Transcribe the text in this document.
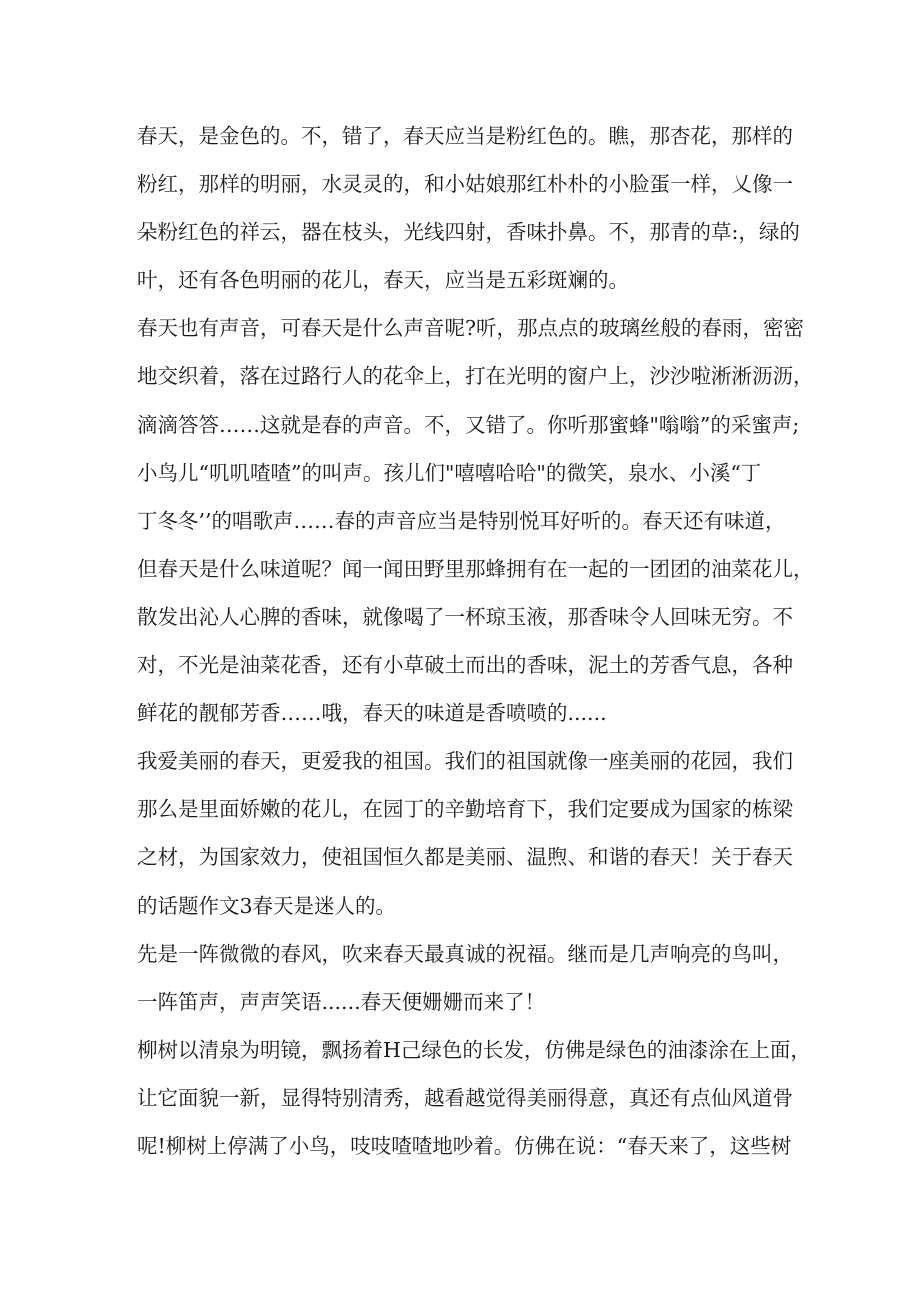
春天，是金色的。不，错了，春天应当是粉红色的。瞧，那杏花，那样的
粉红，那样的明丽，水灵灵的，和小姑娘那红朴朴的小脸蛋一样，乂像一
朵粉红色的祥云，器在枝头，光线四射，香味扑鼻。不，那青的草:，绿的
叶，还有各色明丽的花儿，春天，应当是五彩斑斓的。
春天也有声音，可春天是什么声音呢?听，那点点的玻璃丝般的春雨，密密
地交织着，落在过路行人的花伞上，打在光明的窗户上，沙沙啦淅淅沥沥，
滴滴答答……这就是春的声音。不，又错了。你听那蜜蜂"嗡嗡”的采蜜声;
小鸟儿“叽叽喳喳”的叫声。孩儿们"嘻嘻哈哈"的微笑，泉水、小溪“丁
丁冬冬’’的唱歌声……春的声音应当是特别悦耳好听的。春天还有味道，
但春天是什么味道呢？闻一闻田野里那蜂拥有在一起的一团团的油菜花儿，
散发出沁人心脾的香味，就像喝了一杯琼玉液，那香味令人回味无穷。不
对，不光是油菜花香，还有小草破土而出的香味，泥土的芳香气息，各种
鲜花的靓郁芳香……哦，春天的味道是香喷喷的......
我爱美丽的春天，更爱我的祖国。我们的祖国就像一座美丽的花园，我们
那么是里面娇嫩的花儿，在园丁的辛勤培育下，我们定要成为国家的栋梁
之材，为国家效力，使祖国恒久都是美丽、温煦、和谐的春天！关于春天
的话题作文3春天是迷人的。
先是一阵微微的春风，吹来春天最真诚的祝福。继而是几声响亮的鸟叫，
一阵笛声，声声笑语......春天便姗姗而来了！
柳树以清泉为明镜，飘扬着H己绿色的长发，仿佛是绿色的油漆涂在上面，
让它面貌一新，显得特别清秀，越看越觉得美丽得意，真还有点仙风道骨
呢!柳树上停满了小鸟，吱吱喳喳地吵着。仿佛在说：“春天来了，这些树
